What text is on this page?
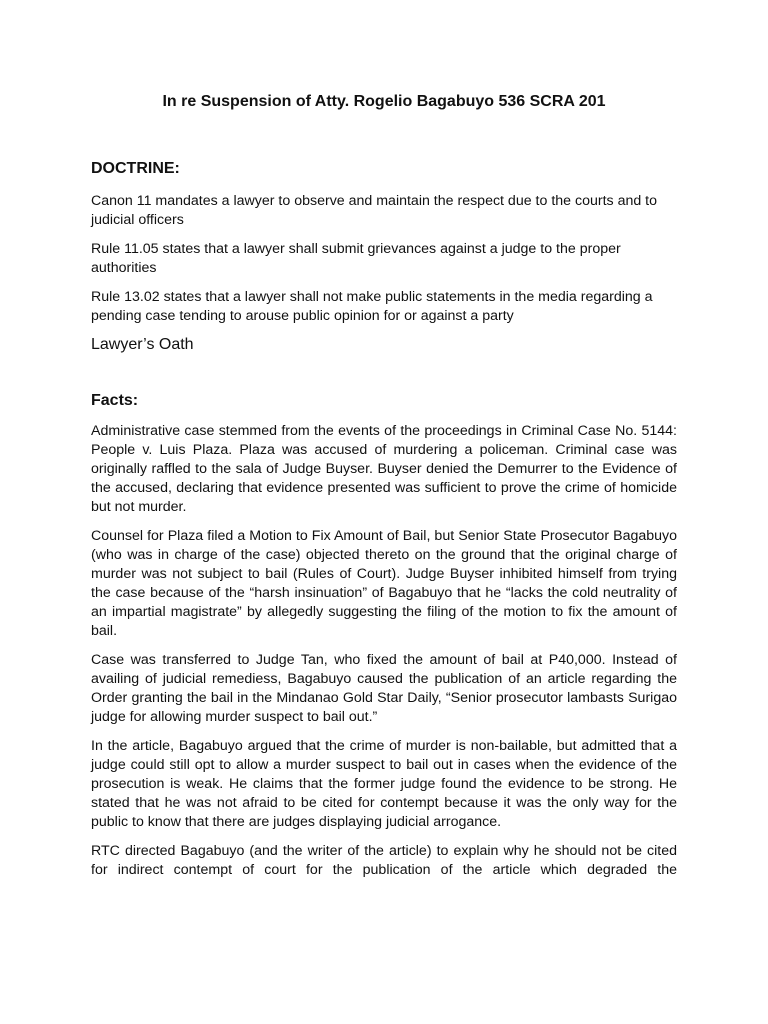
In re Suspension of Atty. Rogelio Bagabuyo 536 SCRA 201
DOCTRINE:

Canon 11 mandates a lawyer to observe and maintain the respect due to the courts and to judicial officers

Rule 11.05 states that a lawyer shall submit grievances against a judge to the proper authorities

Rule 13.02 states that a lawyer shall not make public statements in the media regarding a pending case tending to arouse public opinion for or against a party

Lawyer’s Oath
Facts:

Administrative case stemmed from the events of the proceedings in Criminal Case No. 5144: People v. Luis Plaza. Plaza was accused of murdering a policeman. Criminal case was originally raffled to the sala of Judge Buyser. Buyser denied the Demurrer to the Evidence of the accused, declaring that evidence presented was sufficient to prove the crime of homicide but not murder.

Counsel for Plaza filed a Motion to Fix Amount of Bail, but Senior State Prosecutor Bagabuyo (who was in charge of the case) objected thereto on the ground that the original charge of murder was not subject to bail (Rules of Court). Judge Buyser inhibited himself from trying the case because of the “harsh insinuation” of Bagabuyo that he “lacks the cold neutrality of an impartial magistrate” by allegedly suggesting the filing of the motion to fix the amount of bail.

Case was transferred to Judge Tan, who fixed the amount of bail at P40,000. Instead of availing of judicial remediess, Bagabuyo caused the publication of an article regarding the Order granting the bail in the Mindanao Gold Star Daily, “Senior prosecutor lambasts Surigao judge for allowing murder suspect to bail out.”

In the article, Bagabuyo argued that the crime of murder is non-bailable, but admitted that a judge could still opt to allow a murder suspect to bail out in cases when the evidence of the prosecution is weak. He claims that the former judge found the evidence to be strong. He stated that he was not afraid to be cited for contempt because it was the only way for the public to know that there are judges displaying judicial arrogance.

RTC directed Bagabuyo (and the writer of the article) to explain why he should not be cited for indirect contempt of court for the publication of the article which degraded the
